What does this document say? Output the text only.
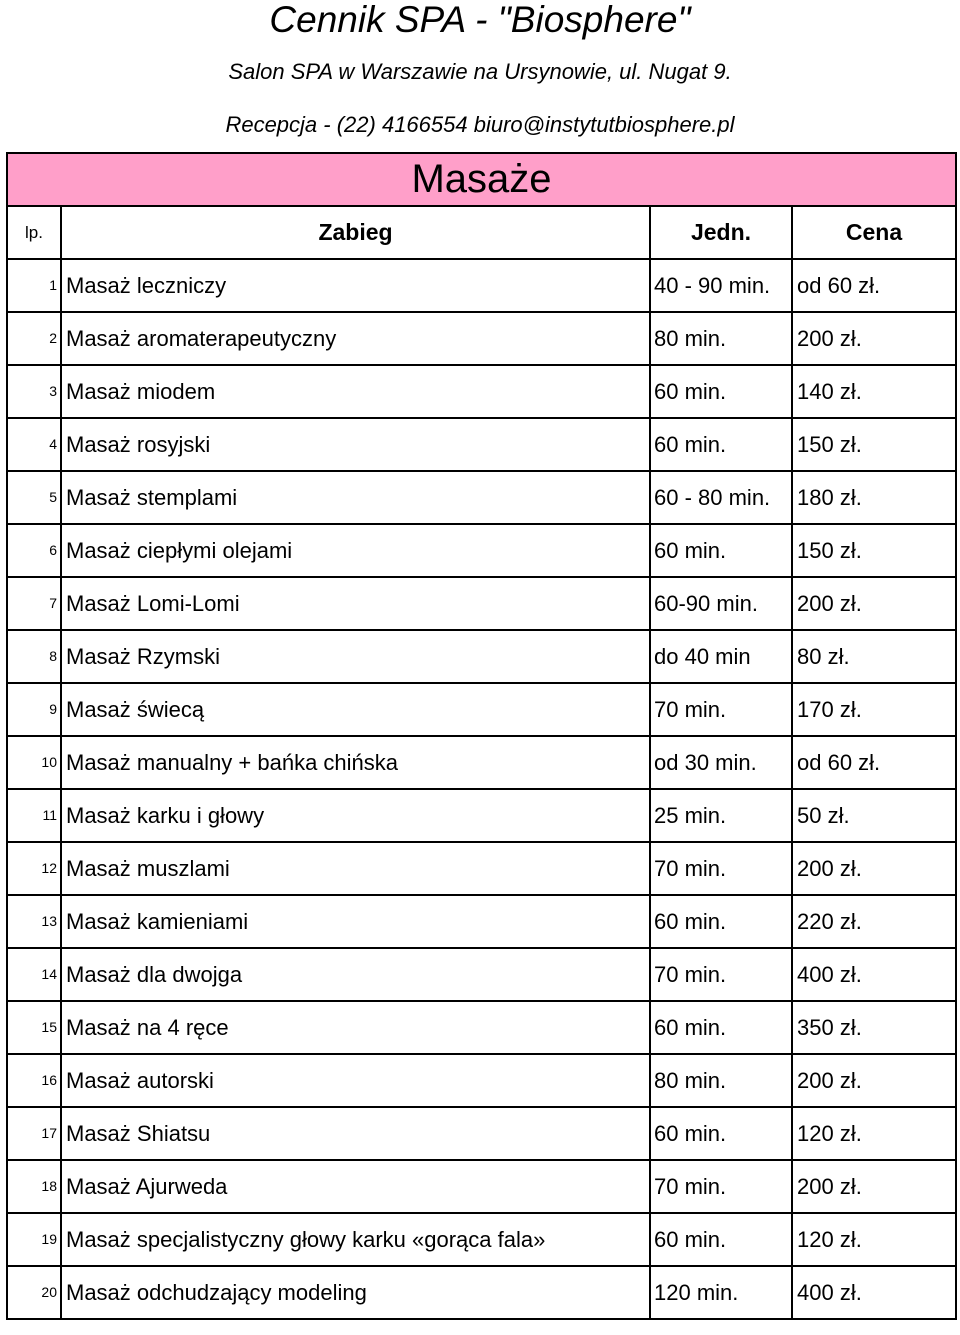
Cennik SPA - "Biosphere"
Salon SPA w Warszawie na Ursynowie, ul. Nugat 9.
Recepcja - (22) 4166554 biuro@instytutbiosphere.pl
Masaże			
lp.	Zabieg	Jedn.	Cena
1	Masaż leczniczy	40 - 90 min.	od 60 zł.
2	Masaż aromaterapeutyczny	80 min.	200 zł.
3	Masaż miodem	60 min.	140 zł.
4	Masaż rosyjski	60 min.	150 zł.
5	Masaż stemplami	60 - 80 min.	180 zł.
6	Masaż ciepłymi olejami	60 min.	150 zł.
7	Masaż Lomi-Lomi	60-90 min.	200 zł.
8	Masaż Rzymski	do 40 min	80 zł.
9	Masaż świecą	70 min.	170 zł.
10	Masaż manualny + bańka chińska	od 30 min.	od 60 zł.
11	Masaż karku i głowy	25 min.	50 zł.
12	Masaż muszlami	70 min.	200 zł.
13	Masaż kamieniami	60 min.	220 zł.
14	Masaż dla dwojga	70 min.	400 zł.
15	Masaż na 4 ręce	60 min.	350 zł.
16	Masaż autorski	80 min.	200 zł.
17	Masaż Shiatsu	60 min.	120 zł.
18	Masaż Ajurweda	70 min.	200 zł.
19	Masaż specjalistyczny głowy karku «gorąca fala»	60 min.	120 zł.
20	Masaż odchudzający modeling	120 min.	400 zł.
